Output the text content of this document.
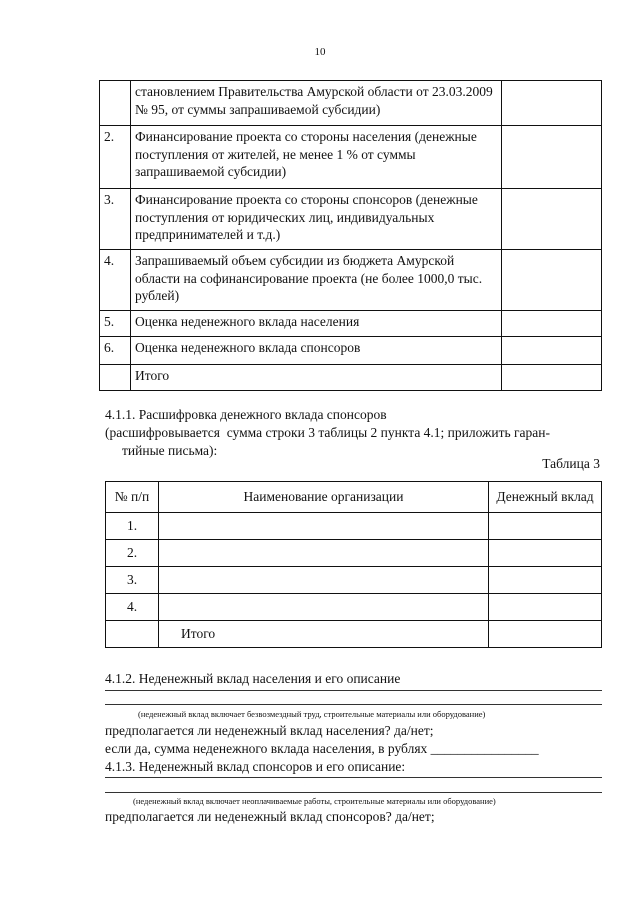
10
	становлением Правительства Амурской области от 23.03.2009 № 95, от суммы запрашиваемой субсидии)	
2.	Финансирование проекта со стороны населения (денежные поступления от жителей, не менее 1 % от суммы запрашиваемой субсидии)	
3.	Финансирование проекта со стороны спонсоров (денежные поступления от юридических лиц, индивидуальных предпринимателей и т.д.)	
4.	Запрашиваемый объем субсидии из бюджета Амурской области на софинансирование проекта (не более 1000,0 тыс. рублей)	
5.	Оценка неденежного вклада населения	
6.	Оценка неденежного вклада спонсоров	
	Итого	
4.1.1. Расшифровка денежного вклада спонсоров
(расшифровывается  сумма строки 3 таблицы 2 пункта 4.1; приложить гаран-
тийные письма):
Таблица 3
№ п/п	Наименование организации	Денежный вклад
1.		
2.		
3.		
4.		
	Итого	
4.1.2. Неденежный вклад населения и его описание
(неденежный вклад включает безвозмездный труд, строительные материалы или оборудование)
предполагается ли неденежный вклад населения? да/нет;
если да, сумма неденежного вклада населения, в рублях ________________
4.1.3. Неденежный вклад спонсоров и его описание:
(неденежный вклад включает неоплачиваемые работы, строительные материалы или оборудование)
предполагается ли неденежный вклад спонсоров? да/нет;
